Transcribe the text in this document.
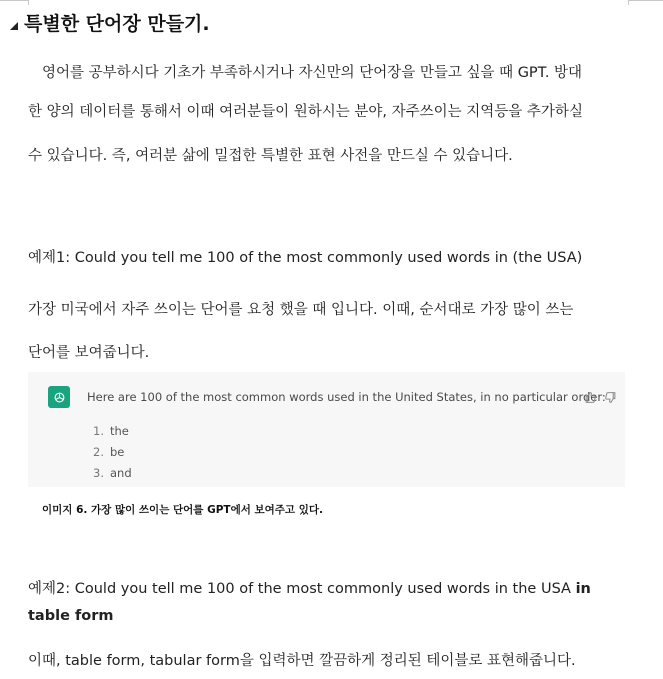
특별한 단어장 만들기.
영어를 공부하시다 기초가 부족하시거나 자신만의 단어장을 만들고 싶을 때 GPT. 방대
한 양의 데이터를 통해서 이때 여러분들이 원하시는 분야, 자주쓰이는 지역등을 추가하실
수 있습니다. 즉, 여러분 삶에 밀접한 특별한 표현 사전을 만드실 수 있습니다.
예제1: Could you tell me 100 of the most commonly used words in (the USA)
가장 미국에서 자주 쓰이는 단어를 요청 했을 때 입니다. 이때, 순서대로 가장 많이 쓰는
단어를 보여줍니다.
Here are 100 of the most common words used in the United States, in no particular order:
1. the
2. be
3. and
이미지 6. 가장 많이 쓰이는 단어를 GPT에서 보여주고 있다.
예제2: Could you tell me 100 of the most commonly used words in the USA in
table form
이때, table form, tabular form을 입력하면 깔끔하게 정리된 테이블로 표현해줍니다.
